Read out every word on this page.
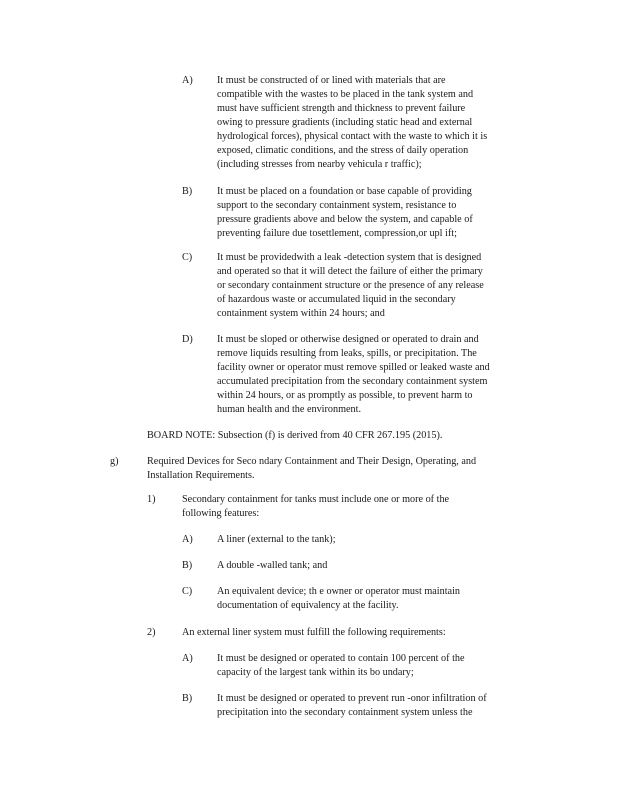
A) It must be constructed of or lined with materials that are
compatible with the wastes to be placed in the tank system and
must have sufficient strength and thickness to prevent failure
owing to pressure gradients (including static head and external
hydrological forces), physical contact with the waste to which it is
exposed, climatic conditions, and the stress of daily operation
(including stresses from nearby vehicula r traffic);
B) It must be placed on a foundation or base capable of providing
support to the secondary containment system, resistance to
pressure gradients above and below the system, and capable of
preventing failure due tosettlement, compression,or upl ift;
C) It must be providedwith a leak -detection system that is designed
and operated so that it will detect the failure of either the primary
or secondary containment structure or the presence of any release
of hazardous waste or accumulated liquid in the secondary
containment system within 24 hours; and
D) It must be sloped or otherwise designed or operated to drain and
remove liquids resulting from leaks, spills, or precipitation. The
facility owner or operator must remove spilled or leaked waste and
accumulated precipitation from the secondary containment system
within 24 hours, or as promptly as possible, to prevent harm to
human health and the environment.
BOARD NOTE: Subsection (f) is derived from 40 CFR 267.195 (2015).
g)	Required Devices for Seco ndary Containment and Their Design, Operating, and
Installation Requirements.
1)	Secondary containment for tanks must include one or more of the
following features:
A) A liner (external to the tank);
B) A double -walled tank; and
C) An equivalent device; th e owner or operator must maintain
documentation of equivalency at the facility.
2)	An external liner system must fulfill the following requirements:
A) It must be designed or operated to contain 100 percent of the
capacity of the largest tank within its bo undary;
B) It must be designed or operated to prevent run -onor infiltration of
precipitation into the secondary containment system unless the
